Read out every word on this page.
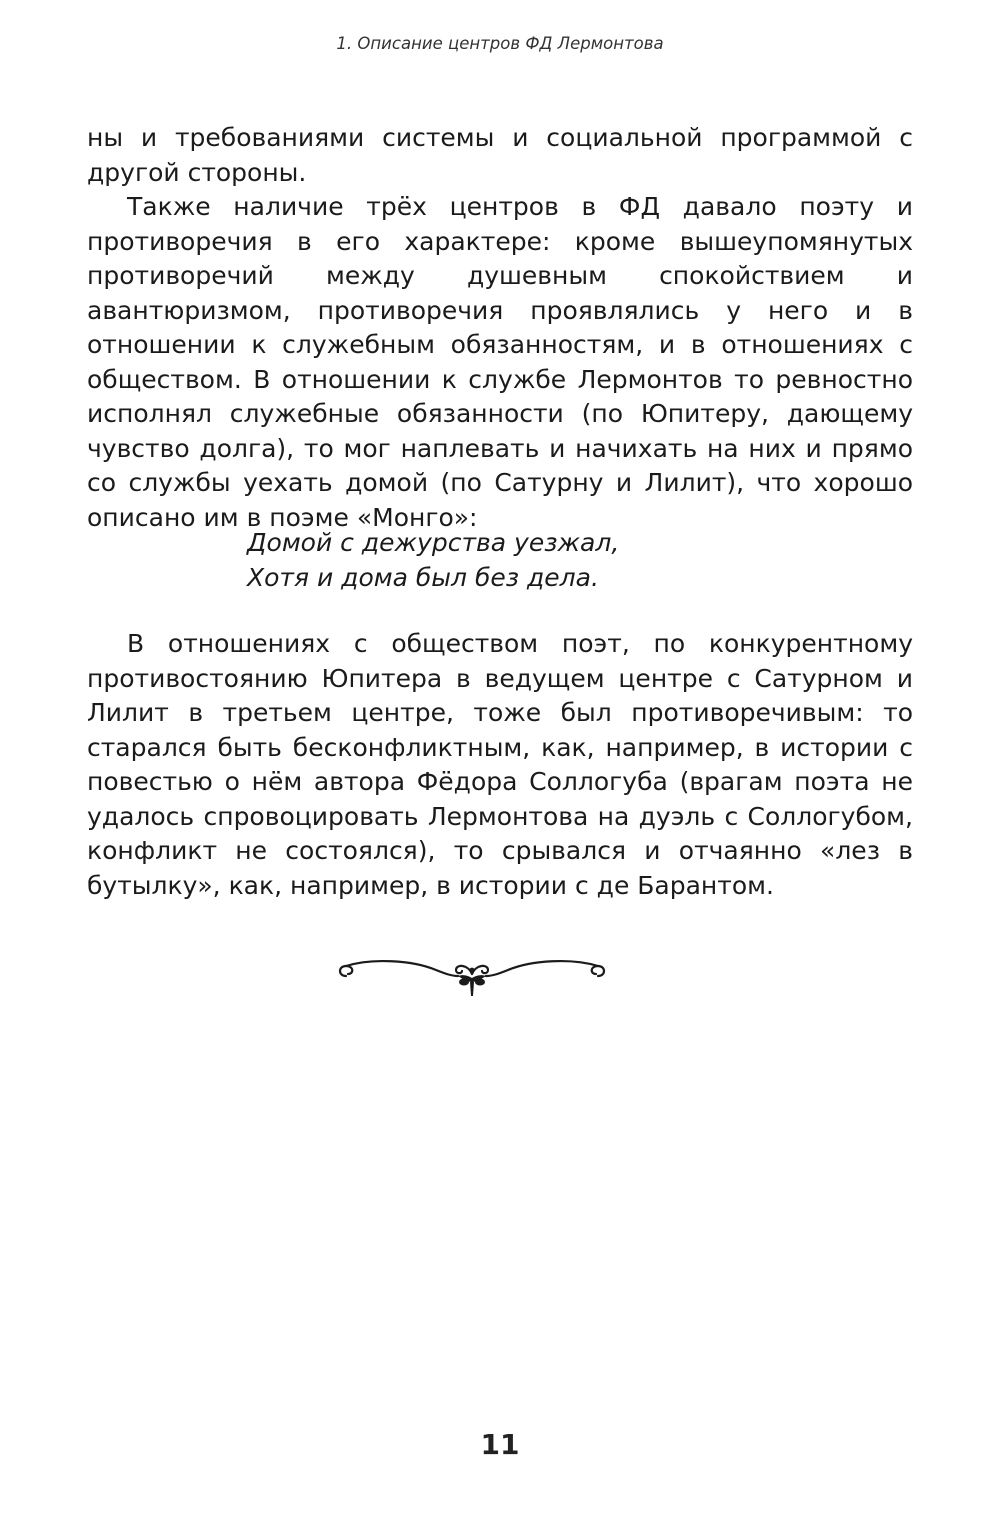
1. Описание центров ФД Лермонтова

ны и требованиями системы и социальной программой с другой стороны.

Также наличие трёх центров в ФД давало поэту и противоречия в его характере: кроме вышеупомянутых противоречий между душевным спокойствием и авантюризмом, противоречия проявлялись у него и в отношении к служебным обязанностям, и в отношениях с обществом. В отношении к службе Лермонтов то ревностно исполнял служебные обязанности (по Юпитеру, дающему чувство долга), то мог наплевать и начихать на них и прямо со службы уехать домой (по Сатурну и Лилит), что хорошо описано им в поэме «Монго»:

Домой с дежурства уезжал,
Хотя и дома был без дела.

В отношениях с обществом поэт, по конкурентному противостоянию Юпитера в ведущем центре с Сатурном и Лилит в третьем центре, тоже был противоречивым: то старался быть бесконфликтным, как, например, в истории с повестью о нём автора Фёдора Соллогуба (врагам поэта не удалось спровоцировать Лермонтова на дуэль с Соллогубом, конфликт не состоялся), то срывался и отчаянно «лез в бутылку», как, например, в истории с де Барантом.

11
